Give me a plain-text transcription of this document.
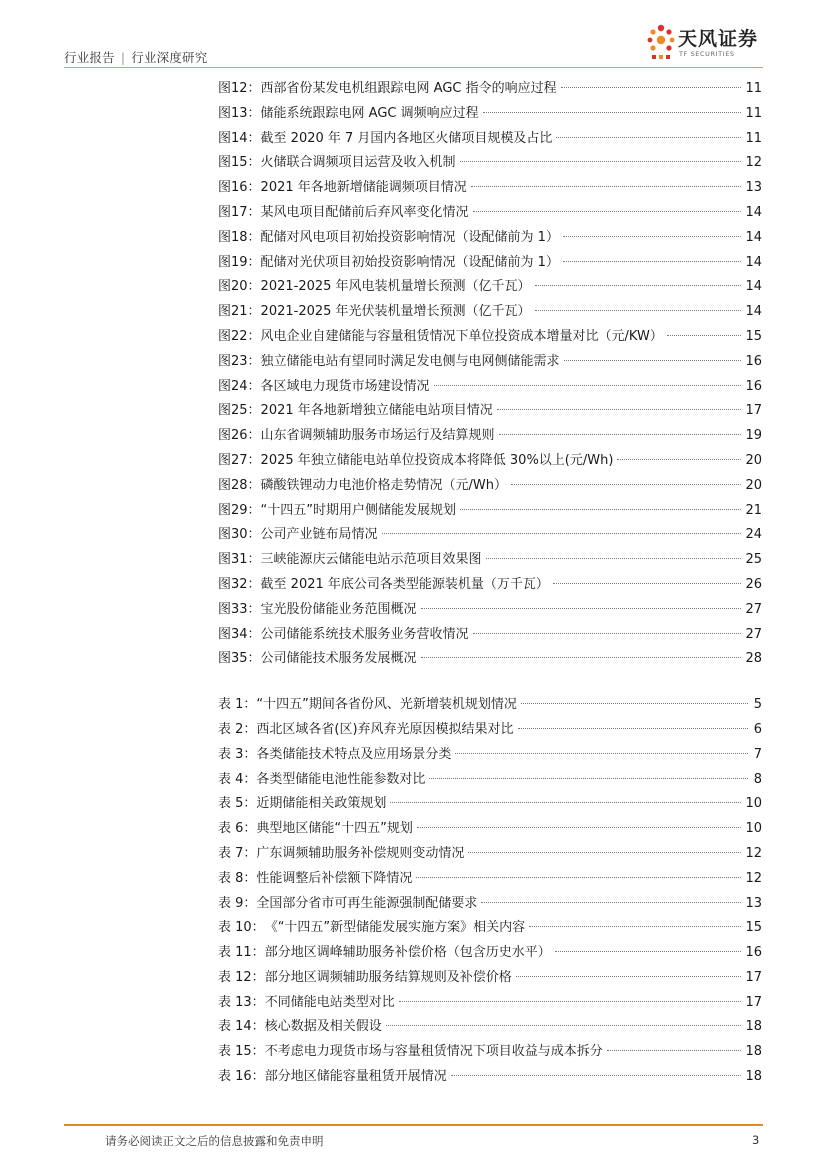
行业报告 | 行业深度研究
天风证券
TF SECURITIES
图12： 西部省份某发电机组跟踪电网 AGC 指令的响应过程	11
图13： 储能系统跟踪电网 AGC 调频响应过程	11
图14： 截至 2020 年 7 月国内各地区火储项目规模及占比	11
图15： 火储联合调频项目运营及收入机制	12
图16： 2021 年各地新增储能调频项目情况	13
图17： 某风电项目配储前后弃风率变化情况	14
图18： 配储对风电项目初始投资影响情况（设配储前为 1）	14
图19： 配储对光伏项目初始投资影响情况（设配储前为 1）	14
图20： 2021-2025 年风电装机量增长预测（亿千瓦）	14
图21： 2021-2025 年光伏装机量增长预测（亿千瓦）	14
图22： 风电企业自建储能与容量租赁情况下单位投资成本增量对比（元/KW）	15
图23： 独立储能电站有望同时满足发电侧与电网侧储能需求	16
图24： 各区域电力现货市场建设情况	16
图25： 2021 年各地新增独立储能电站项目情况	17
图26： 山东省调频辅助服务市场运行及结算规则	19
图27： 2025 年独立储能电站单位投资成本将降低 30%以上(元/Wh)	20
图28： 磷酸铁锂动力电池价格走势情况（元/Wh）	20
图29： “十四五”时期用户侧储能发展规划	21
图30： 公司产业链布局情况	24
图31： 三峡能源庆云储能电站示范项目效果图	25
图32： 截至 2021 年底公司各类型能源装机量（万千瓦）	26
图33： 宝光股份储能业务范围概况	27
图34： 公司储能系统技术服务业务营收情况	27
图35： 公司储能技术服务发展概况	28
表 1： “十四五”期间各省份风、光新增装机规划情况	5
表 2： 西北区域各省(区)弃风弃光原因模拟结果对比	6
表 3： 各类储能技术特点及应用场景分类	7
表 4： 各类型储能电池性能参数对比	8
表 5： 近期储能相关政策规划	10
表 6： 典型地区储能“十四五”规划	10
表 7： 广东调频辅助服务补偿规则变动情况	12
表 8： 性能调整后补偿额下降情况	12
表 9： 全国部分省市可再生能源强制配储要求	13
表 10： 《“十四五”新型储能发展实施方案》相关内容	15
表 11： 部分地区调峰辅助服务补偿价格（包含历史水平）	16
表 12： 部分地区调频辅助服务结算规则及补偿价格	17
表 13： 不同储能电站类型对比	17
表 14： 核心数据及相关假设	18
表 15： 不考虑电力现货市场与容量租赁情况下项目收益与成本拆分	18
表 16： 部分地区储能容量租赁开展情况	18
请务必阅读正文之后的信息披露和免责申明	3
